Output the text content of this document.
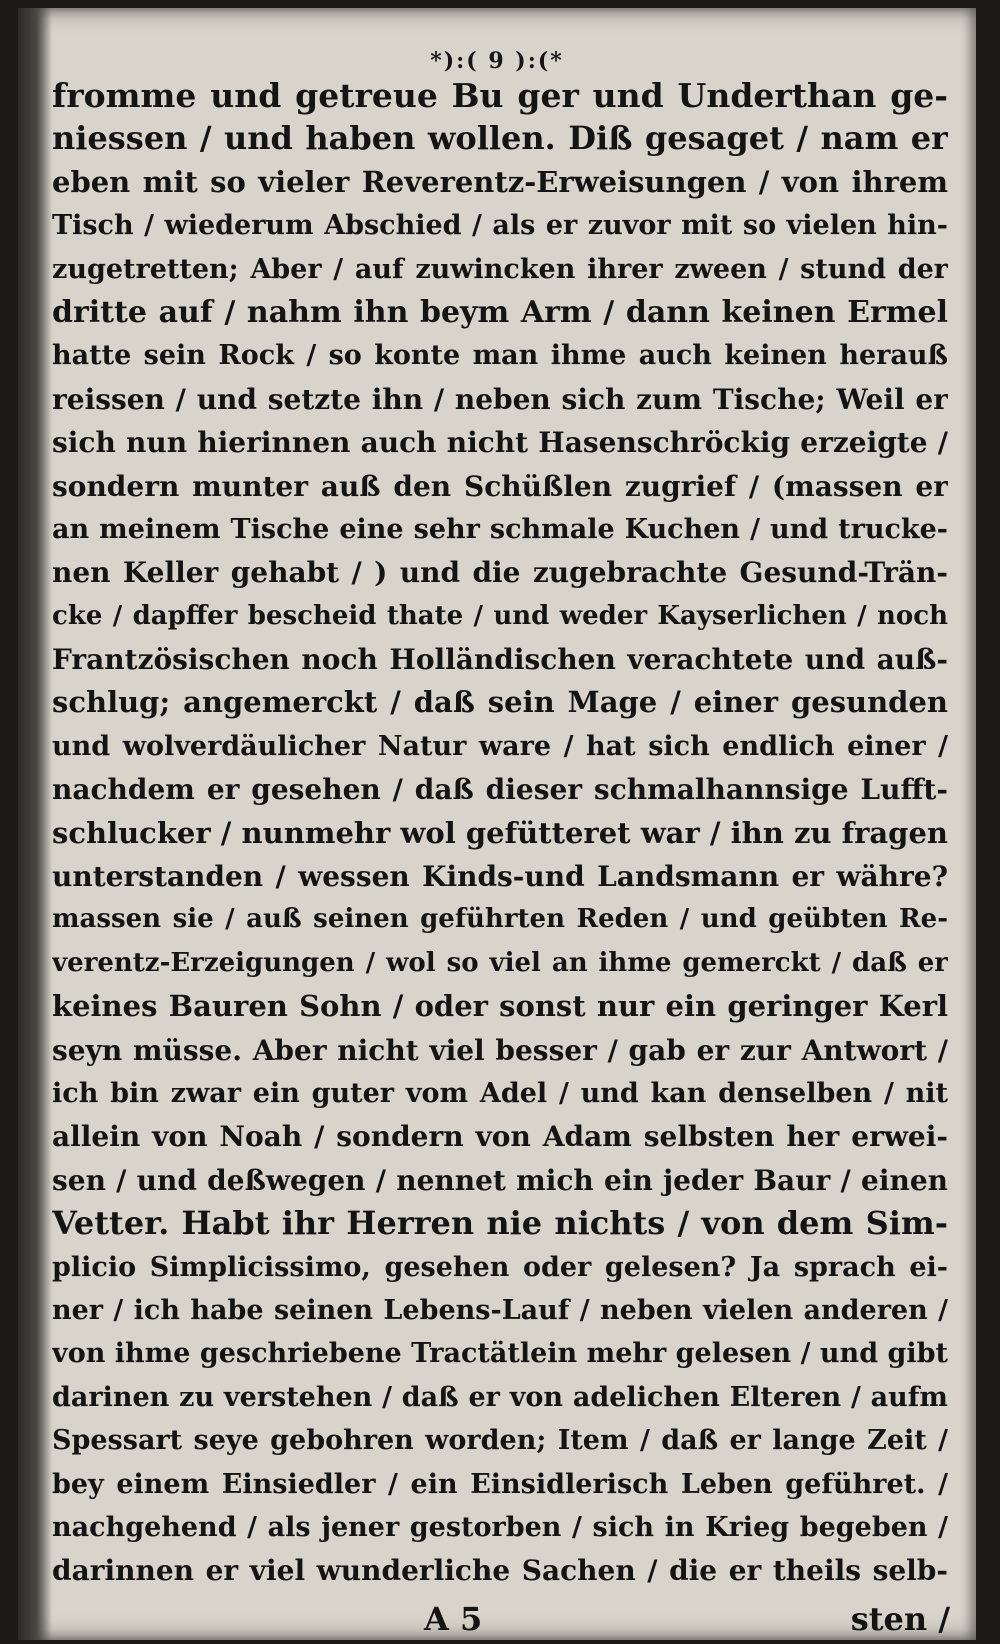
*):( 9 ):(*
fromme und getreue Bu ger und Underthan ge-
niessen / und haben wollen. Diß gesaget / nam er
eben mit so vieler Reverentz-Erweisungen / von ihrem
Tisch / wiederum Abschied / als er zuvor mit so vielen hin-
zugetretten; Aber / auf zuwincken ihrer zween / stund der
dritte auf / nahm ihn beym Arm / dann keinen Ermel
hatte sein Rock / so konte man ihme auch keinen herauß
reissen / und setzte ihn / neben sich zum Tische; Weil er
sich nun hierinnen auch nicht Hasenschröckig erzeigte /
sondern munter auß den Schüßlen zugrief / (massen er
an meinem Tische eine sehr schmale Kuchen / und trucke-
nen Keller gehabt / ) und die zugebrachte Gesund-Trän-
cke / dapffer bescheid thate / und weder Kayserlichen / noch
Frantzösischen noch Holländischen verachtete und auß-
schlug; angemerckt / daß sein Mage / einer gesunden
und wolverdäulicher Natur ware / hat sich endlich einer /
nachdem er gesehen / daß dieser schmalhannsige Lufft-
schlucker / nunmehr wol gefütteret war / ihn zu fragen
unterstanden / wessen Kinds-und Landsmann er währe?
massen sie / auß seinen geführten Reden / und geübten Re-
verentz-Erzeigungen / wol so viel an ihme gemerckt / daß er
keines Bauren Sohn / oder sonst nur ein geringer Kerl
seyn müsse. Aber nicht viel besser / gab er zur Antwort /
ich bin zwar ein guter vom Adel / und kan denselben / nit
allein von Noah / sondern von Adam selbsten her erwei-
sen / und deßwegen / nennet mich ein jeder Baur / einen
Vetter. Habt ihr Herren nie nichts / von dem Sim-
plicio Simplicissimo, gesehen oder gelesen? Ja sprach ei-
ner / ich habe seinen Lebens-Lauf / neben vielen anderen /
von ihme geschriebene Tractätlein mehr gelesen / und gibt
darinen zu verstehen / daß er von adelichen Elteren / aufm
Spessart seye gebohren worden; Item / daß er lange Zeit /
bey einem Einsiedler / ein Einsidlerisch Leben geführet. /
nachgehend / als jener gestorben / sich in Krieg begeben /
darinnen er viel wunderliche Sachen / die er theils selb-
A 5	sten /
